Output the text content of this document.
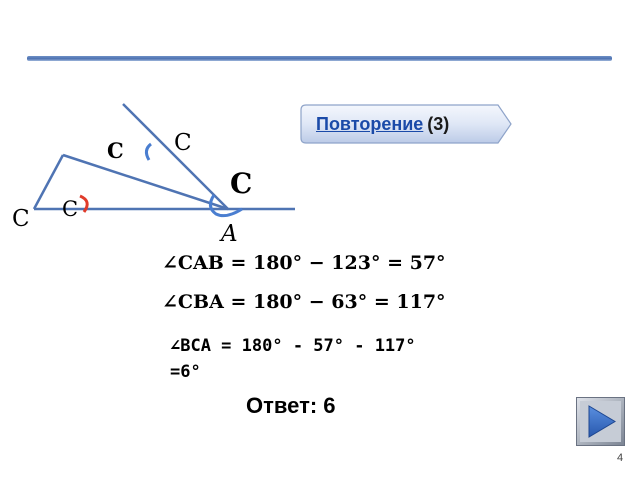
Повторение (3)
C C
C C
C
A
∠CAB = 180° − 123° = 57°
∠CBA = 180° − 63° = 117°
∠BCA = 180° - 57° - 117°
=6°
Ответ: 6
4
